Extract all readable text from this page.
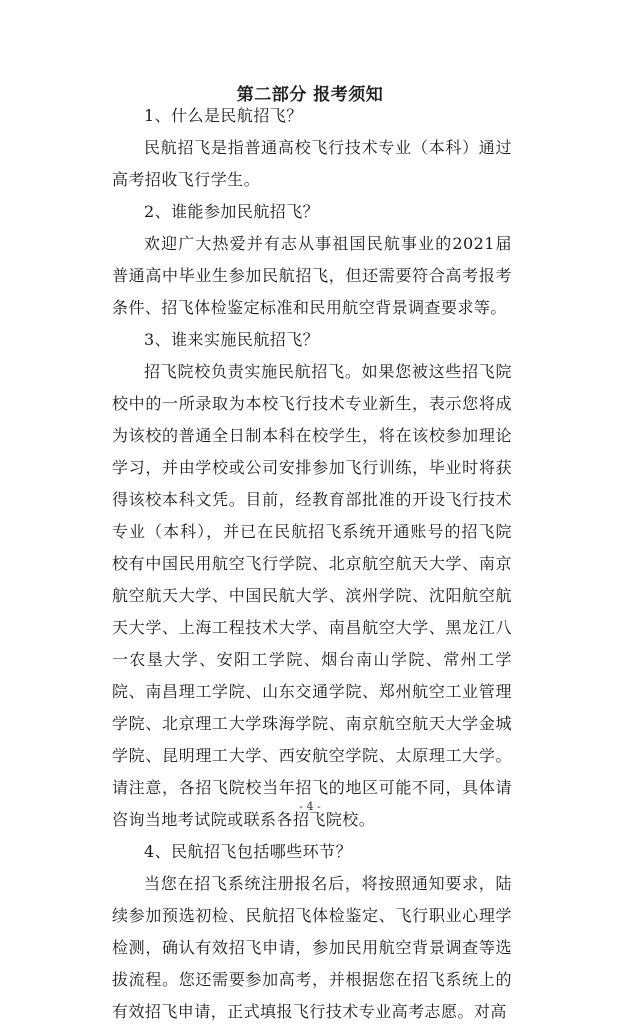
第二部分 报考须知

1、什么是民航招飞？

民航招飞是指普通高校飞行技术专业（本科）通过高考招收飞行学生。

2、谁能参加民航招飞？

欢迎广大热爱并有志从事祖国民航事业的2021届普通高中毕业生参加民航招飞，但还需要符合高考报考条件、招飞体检鉴定标准和民用航空背景调查要求等。

3、谁来实施民航招飞？

招飞院校负责实施民航招飞。如果您被这些招飞院校中的一所录取为本校飞行技术专业新生，表示您将成为该校的普通全日制本科在校学生，将在该校参加理论学习，并由学校或公司安排参加飞行训练，毕业时将获得该校本科文凭。目前，经教育部批准的开设飞行技术专业（本科），并已在民航招飞系统开通账号的招飞院校有中国民用航空飞行学院、北京航空航天大学、南京航空航天大学、中国民航大学、滨州学院、沈阳航空航天大学、上海工程技术大学、南昌航空大学、黑龙江八一农垦大学、安阳工学院、烟台南山学院、常州工学院、南昌理工学院、山东交通学院、郑州航空工业管理学院、北京理工大学珠海学院、南京航空航天大学金城学院、昆明理工大学、西安航空学院、太原理工大学。请注意，各招飞院校当年招飞的地区可能不同，具体请咨询当地考试院或联系各招飞院校。

4、民航招飞包括哪些环节？

当您在招飞系统注册报名后，将按照通知要求，陆续参加预选初检、民航招飞体检鉴定、飞行职业心理学检测，确认有效招飞申请，参加民用航空背景调查等选拔流程。您还需要参加高考，并根据您在招飞系统上的有效招飞申请，正式填报飞行技术专业高考志愿。对高

- 4 -
